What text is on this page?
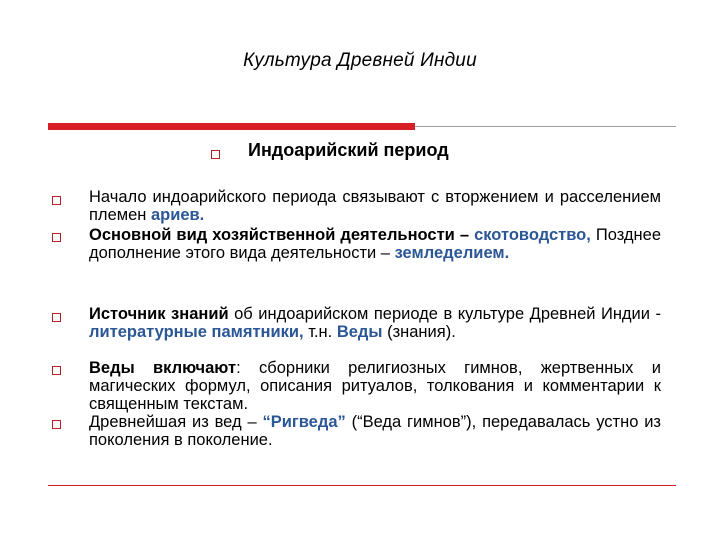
Культура Древней Индии
Индоарийский период
Начало индоарийского периода связывают с вторжением и расселением племен ариев.
Основной вид хозяйственной деятельности – скотоводство, Позднее дополнение этого вида деятельности – земледелием.
Источник знаний об индоарийском периоде в культуре Древней Индии - литературные памятники, т.н. Веды (знания).
Веды включают: сборники религиозных гимнов, жертвенных и магических формул, описания ритуалов, толкования и комментарии к священным текстам.
Древнейшая из вед – “Ригведа” (“Веда гимнов”), передавалась устно из поколения в поколение.
